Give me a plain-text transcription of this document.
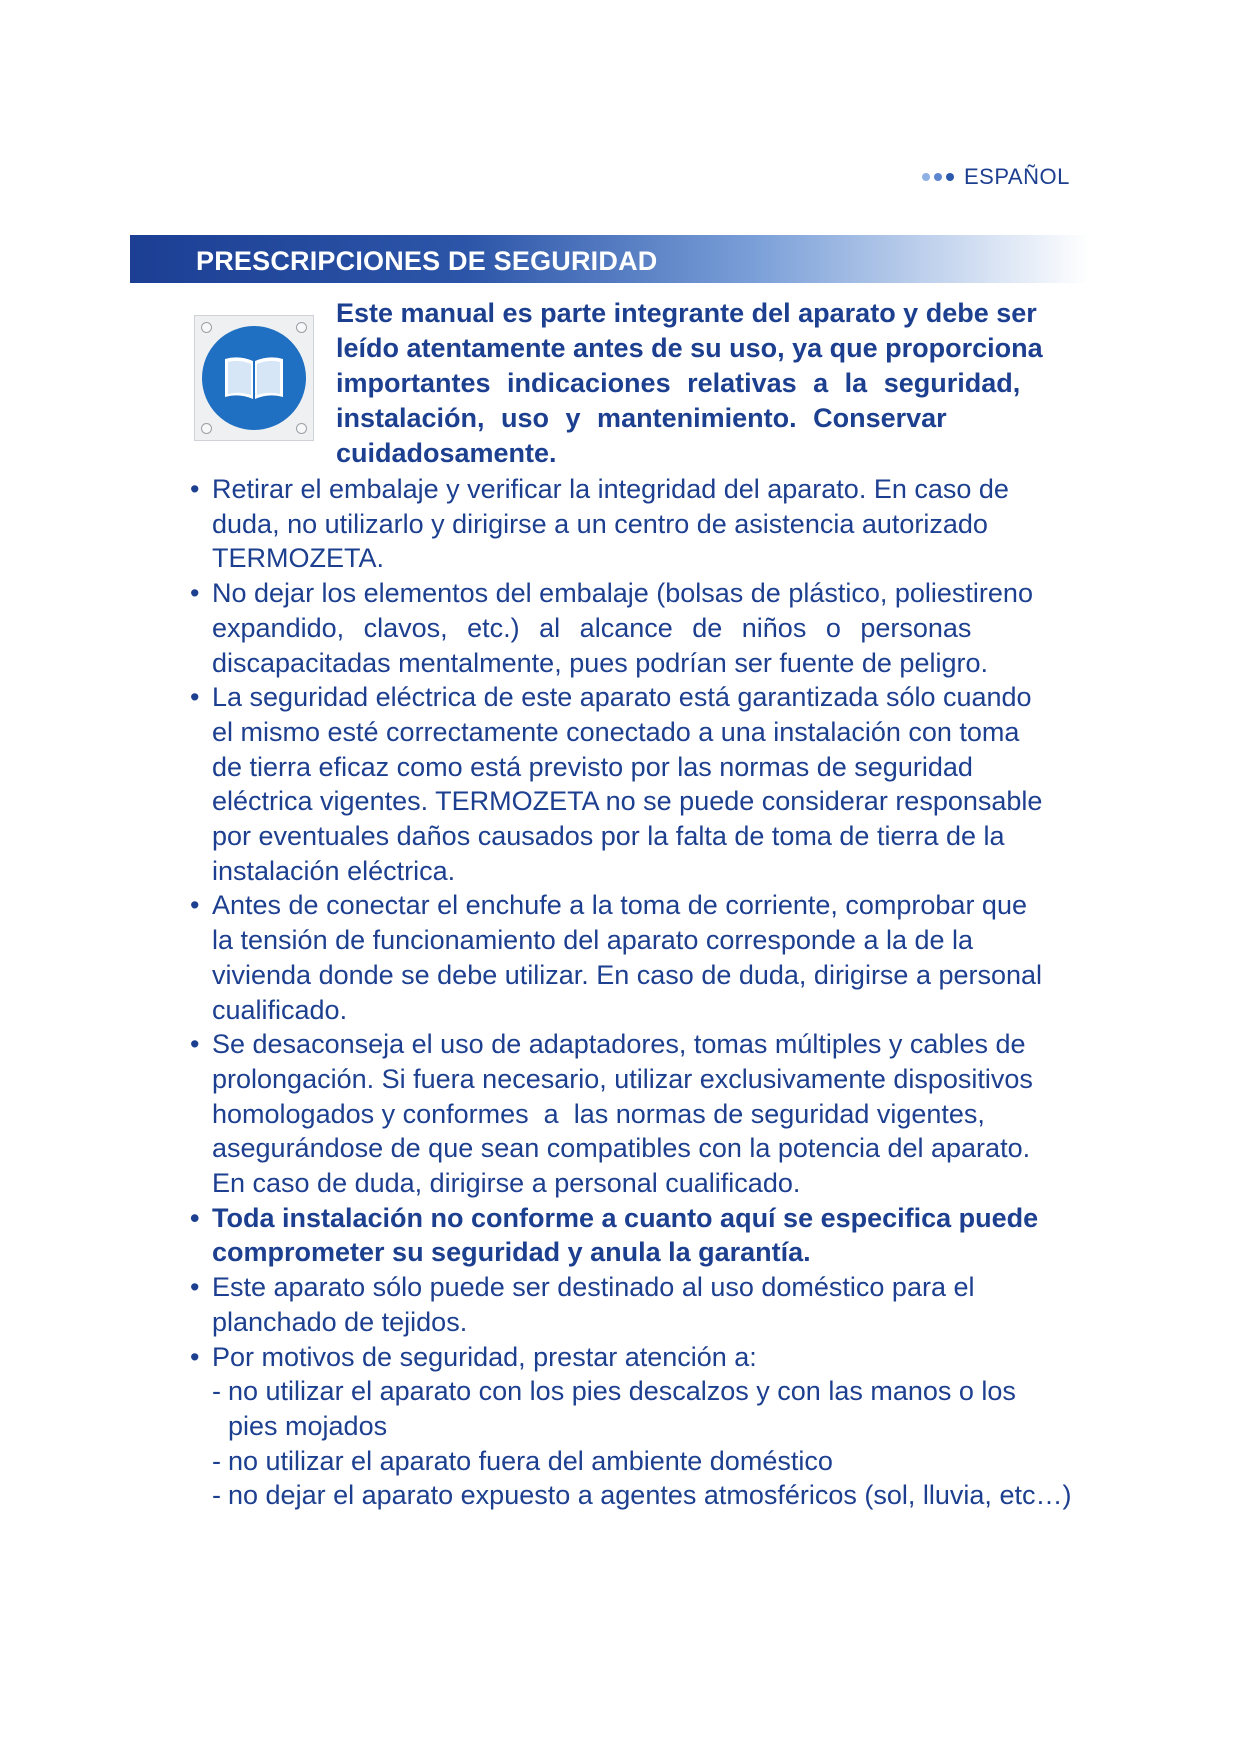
ESPAÑOL
PRESCRIPCIONES DE SEGURIDAD
Este manual es parte integrante del aparato y debe ser
leído atentamente antes de su uso, ya que proporciona
importantes indicaciones relativas a la seguridad,
instalación, uso y mantenimiento. Conservar
cuidadosamente.
• Retirar el embalaje y verificar la integridad del aparato. En caso de
duda, no utilizarlo y dirigirse a un centro de asistencia autorizado
TERMOZETA.
• No dejar los elementos del embalaje (bolsas de plástico, poliestireno
expandido, clavos, etc.) al alcance de niños o personas
discapacitadas mentalmente, pues podrían ser fuente de peligro.
• La seguridad eléctrica de este aparato está garantizada sólo cuando
el mismo esté correctamente conectado a una instalación con toma
de tierra eficaz como está previsto por las normas de seguridad
eléctrica vigentes. TERMOZETA no se puede considerar responsable
por eventuales daños causados por la falta de toma de tierra de la
instalación eléctrica.
• Antes de conectar el enchufe a la toma de corriente, comprobar que
la tensión de funcionamiento del aparato corresponde a la de la
vivienda donde se debe utilizar. En caso de duda, dirigirse a personal
cualificado.
• Se desaconseja el uso de adaptadores, tomas múltiples y cables de
prolongación. Si fuera necesario, utilizar exclusivamente dispositivos
homologados y conformes  a  las normas de seguridad vigentes,
asegurándose de que sean compatibles con la potencia del aparato.
En caso de duda, dirigirse a personal cualificado.
• Toda instalación no conforme a cuanto aquí se especifica puede
comprometer su seguridad y anula la garantía.
• Este aparato sólo puede ser destinado al uso doméstico para el
planchado de tejidos.
• Por motivos de seguridad, prestar atención a:
- no utilizar el aparato con los pies descalzos y con las manos o los
pies mojados
- no utilizar el aparato fuera del ambiente doméstico
- no dejar el aparato expuesto a agentes atmosféricos (sol, lluvia, etc…)
